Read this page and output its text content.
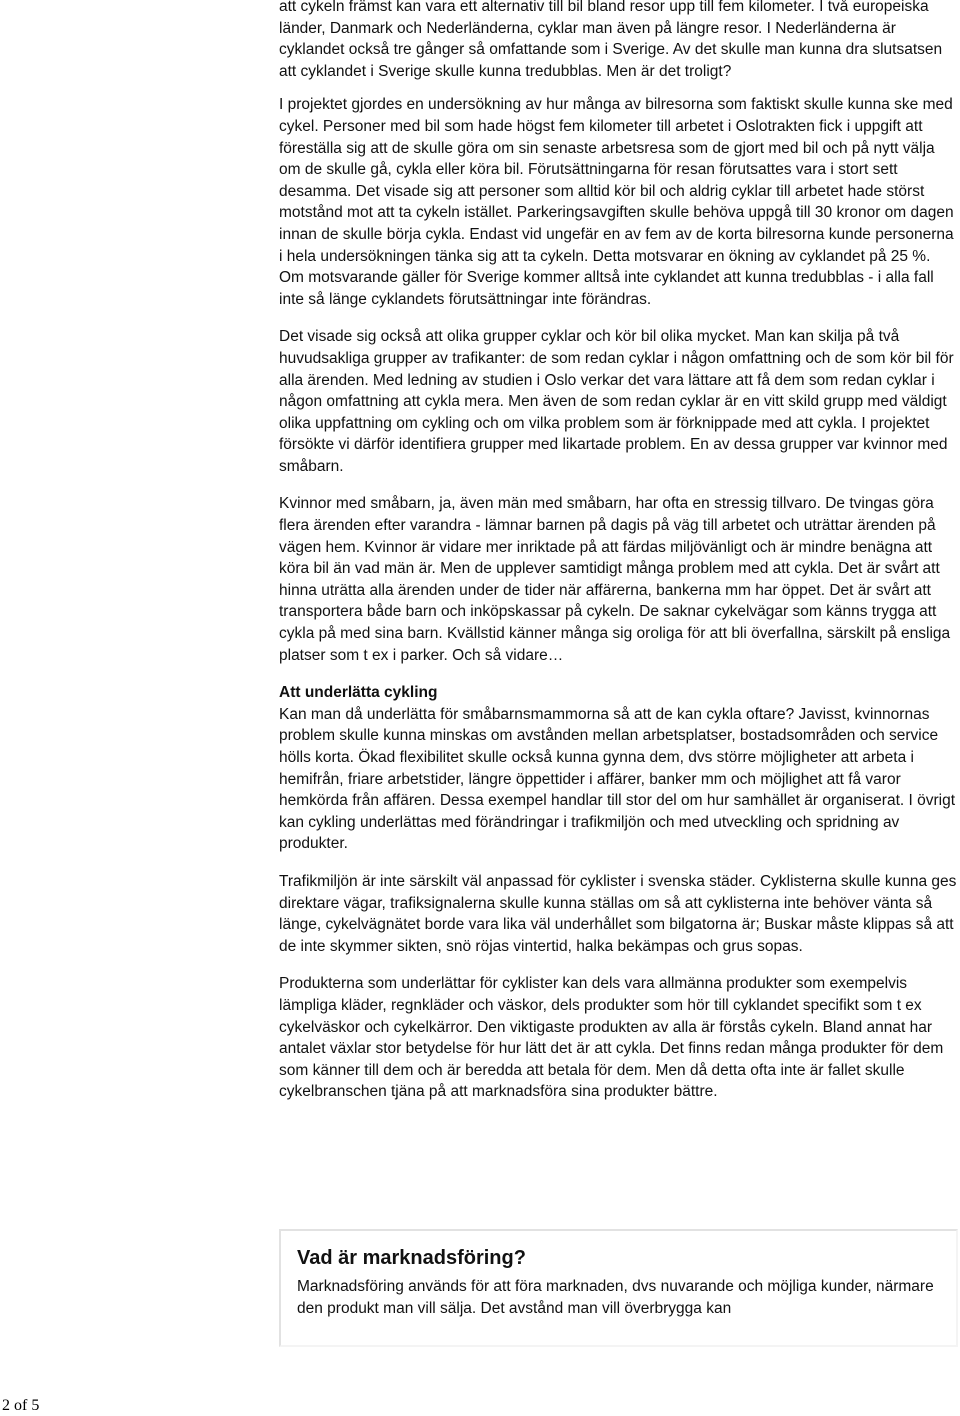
att cykeln främst kan vara ett alternativ till bil bland resor upp till fem kilometer. I två europeiska länder, Danmark och Nederländerna, cyklar man även på längre resor. I Nederländerna är cyklandet också tre gånger så omfattande som i Sverige. Av det skulle man kunna dra slutsatsen att cyklandet i Sverige skulle kunna tredubblas. Men är det troligt?

I projektet gjordes en undersökning av hur många av bilresorna som faktiskt skulle kunna ske med cykel. Personer med bil som hade högst fem kilometer till arbetet i Oslotrakten fick i uppgift att föreställa sig att de skulle göra om sin senaste arbetsresa som de gjort med bil och på nytt välja om de skulle gå, cykla eller köra bil. Förutsättningarna för resan förutsattes vara i stort sett desamma. Det visade sig att personer som alltid kör bil och aldrig cyklar till arbetet hade störst motstånd mot att ta cykeln istället. Parkeringsavgiften skulle behöva uppgå till 30 kronor om dagen innan de skulle börja cykla. Endast vid ungefär en av fem av de korta bilresorna kunde personerna i hela undersökningen tänka sig att ta cykeln. Detta motsvarar en ökning av cyklandet på 25 %. Om motsvarande gäller för Sverige kommer alltså inte cyklandet att kunna tredubblas - i alla fall inte så länge cyklandets förutsättningar inte förändras.

Det visade sig också att olika grupper cyklar och kör bil olika mycket. Man kan skilja på två huvudsakliga grupper av trafikanter: de som redan cyklar i någon omfattning och de som kör bil för alla ärenden. Med ledning av studien i Oslo verkar det vara lättare att få dem som redan cyklar i någon omfattning att cykla mera. Men även de som redan cyklar är en vitt skild grupp med väldigt olika uppfattning om cykling och om vilka problem som är förknippade med att cykla. I projektet försökte vi därför identifiera grupper med likartade problem. En av dessa grupper var kvinnor med småbarn.

Kvinnor med småbarn, ja, även män med småbarn, har ofta en stressig tillvaro. De tvingas göra flera ärenden efter varandra - lämnar barnen på dagis på väg till arbetet och uträttar ärenden på vägen hem. Kvinnor är vidare mer inriktade på att färdas miljövänligt och är mindre benägna att köra bil än vad män är. Men de upplever samtidigt många problem med att cykla. Det är svårt att hinna uträtta alla ärenden under de tider när affärerna, bankerna mm har öppet. Det är svårt att transportera både barn och inköpskassar på cykeln. De saknar cykelvägar som känns trygga att cykla på med sina barn. Kvällstid känner många sig oroliga för att bli överfallna, särskilt på ensliga platser som t ex i parker. Och så vidare…

Att underlätta cykling

Kan man då underlätta för småbarnsmammorna så att de kan cykla oftare? Javisst, kvinnornas problem skulle kunna minskas om avstånden mellan arbetsplatser, bostadsområden och service hölls korta. Ökad flexibilitet skulle också kunna gynna dem, dvs större möjligheter att arbeta i hemifrån, friare arbetstider, längre öppettider i affärer, banker mm och möjlighet att få varor hemkörda från affären. Dessa exempel handlar till stor del om hur samhället är organiserat. I övrigt kan cykling underlättas med förändringar i trafikmiljön och med utveckling och spridning av produkter.

Trafikmiljön är inte särskilt väl anpassad för cyklister i svenska städer. Cyklisterna skulle kunna ges direktare vägar, trafiksignalerna skulle kunna ställas om så att cyklisterna inte behöver vänta så länge, cykelvägnätet borde vara lika väl underhållet som bilgatorna är; Buskar måste klippas så att de inte skymmer sikten, snö röjas vintertid, halka bekämpas och grus sopas.

Produkterna som underlättar för cyklister kan dels vara allmänna produkter som exempelvis lämpliga kläder, regnkläder och väskor, dels produkter som hör till cyklandet specifikt som t ex cykelväskor och cykelkärror. Den viktigaste produkten av alla är förstås cykeln. Bland annat har antalet växlar stor betydelse för hur lätt det är att cykla. Det finns redan många produkter för dem som känner till dem och är beredda att betala för dem. Men då detta ofta inte är fallet skulle cykelbranschen tjäna på att marknadsföra sina produkter bättre.

Vad är marknadsföring?

Marknadsföring används för att föra marknaden, dvs nuvarande och möjliga kunder, närmare den produkt man vill sälja. Det avstånd man vill överbrygga kan

2 of 5
